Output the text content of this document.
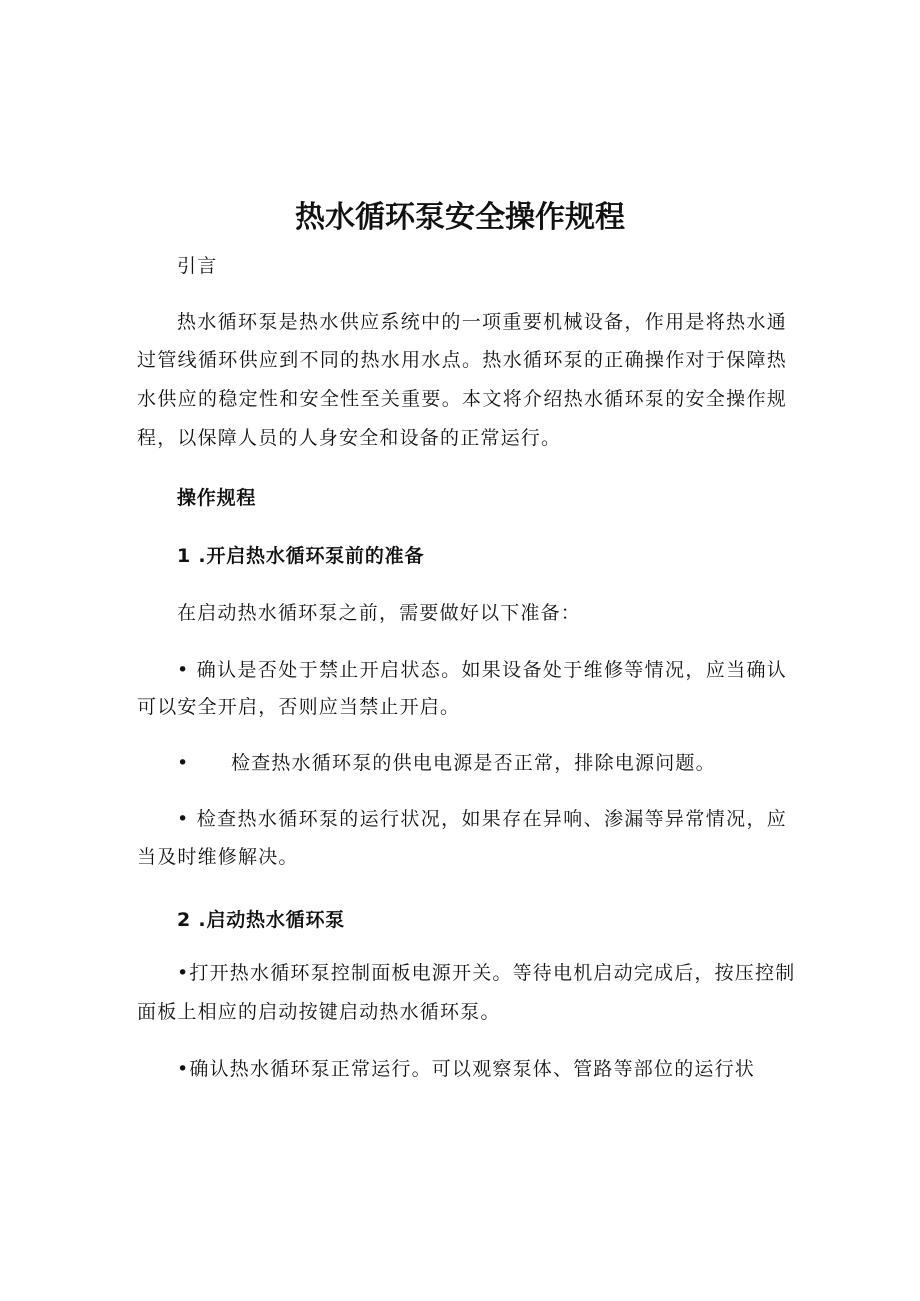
热水循环泵安全操作规程
引言
热水循环泵是热水供应系统中的一项重要机械设备，作用是将热水通
过管线循环供应到不同的热水用水点。热水循环泵的正确操作对于保障热
水供应的稳定性和安全性至关重要。本文将介绍热水循环泵的安全操作规
程，以保障人员的人身安全和设备的正常运行。
操作规程
1 .开启热水循环泵前的准备
在启动热水循环泵之前，需要做好以下准备：
• 确认是否处于禁止开启状态。如果设备处于维修等情况，应当确认
可以安全开启，否则应当禁止开启。
•	检查热水循环泵的供电电源是否正常，排除电源问题。
• 检查热水循环泵的运行状况，如果存在异响、渗漏等异常情况，应
当及时维修解决。
2 .启动热水循环泵
•打开热水循环泵控制面板电源开关。等待电机启动完成后，按压控制
面板上相应的启动按键启动热水循环泵。
•确认热水循环泵正常运行。可以观察泵体、管路等部位的运行状
